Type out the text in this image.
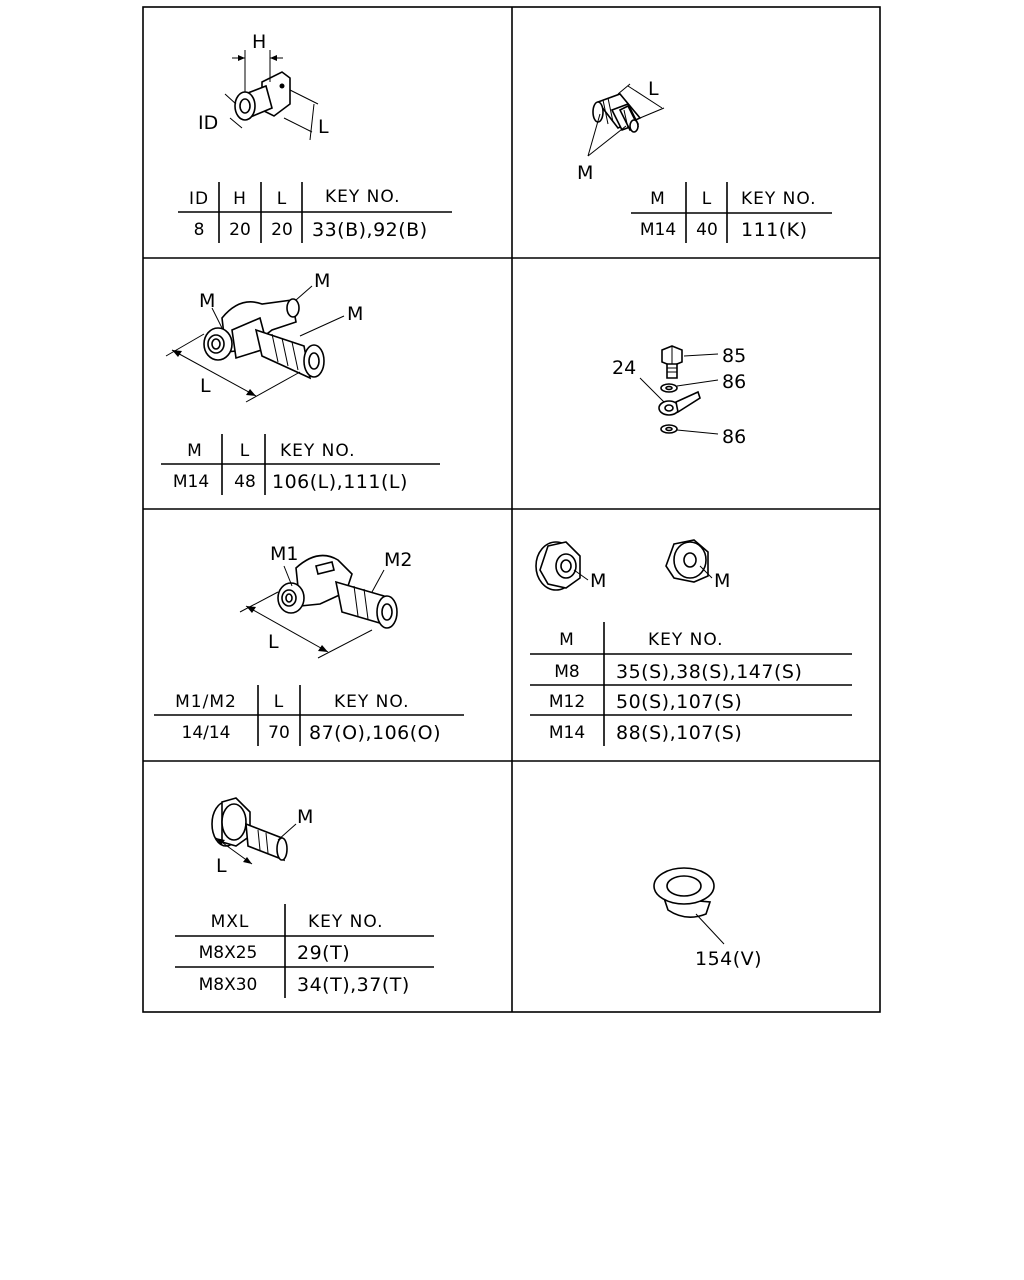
H
ID	L
ID H L KEY NO.
8 20 20 33(B),92(B)
L
M
M L KEY NO.
M14 40 111(K)
M
M
M
L
M L KEY NO.
M14 48 106(L),111(L)
85
86
24
86
M1	M2
L
M1/M2 L	KEY NO.
14/14 70 87(O),106(O)
M	M
M	KEY NO.
M8 35(S),38(S),147(S)
M12 50(S),107(S)
M14 88(S),107(S)
M
L
MXL	KEY NO.
M8X25 29(T)
M8X30 34(T),37(T)
154(V)
